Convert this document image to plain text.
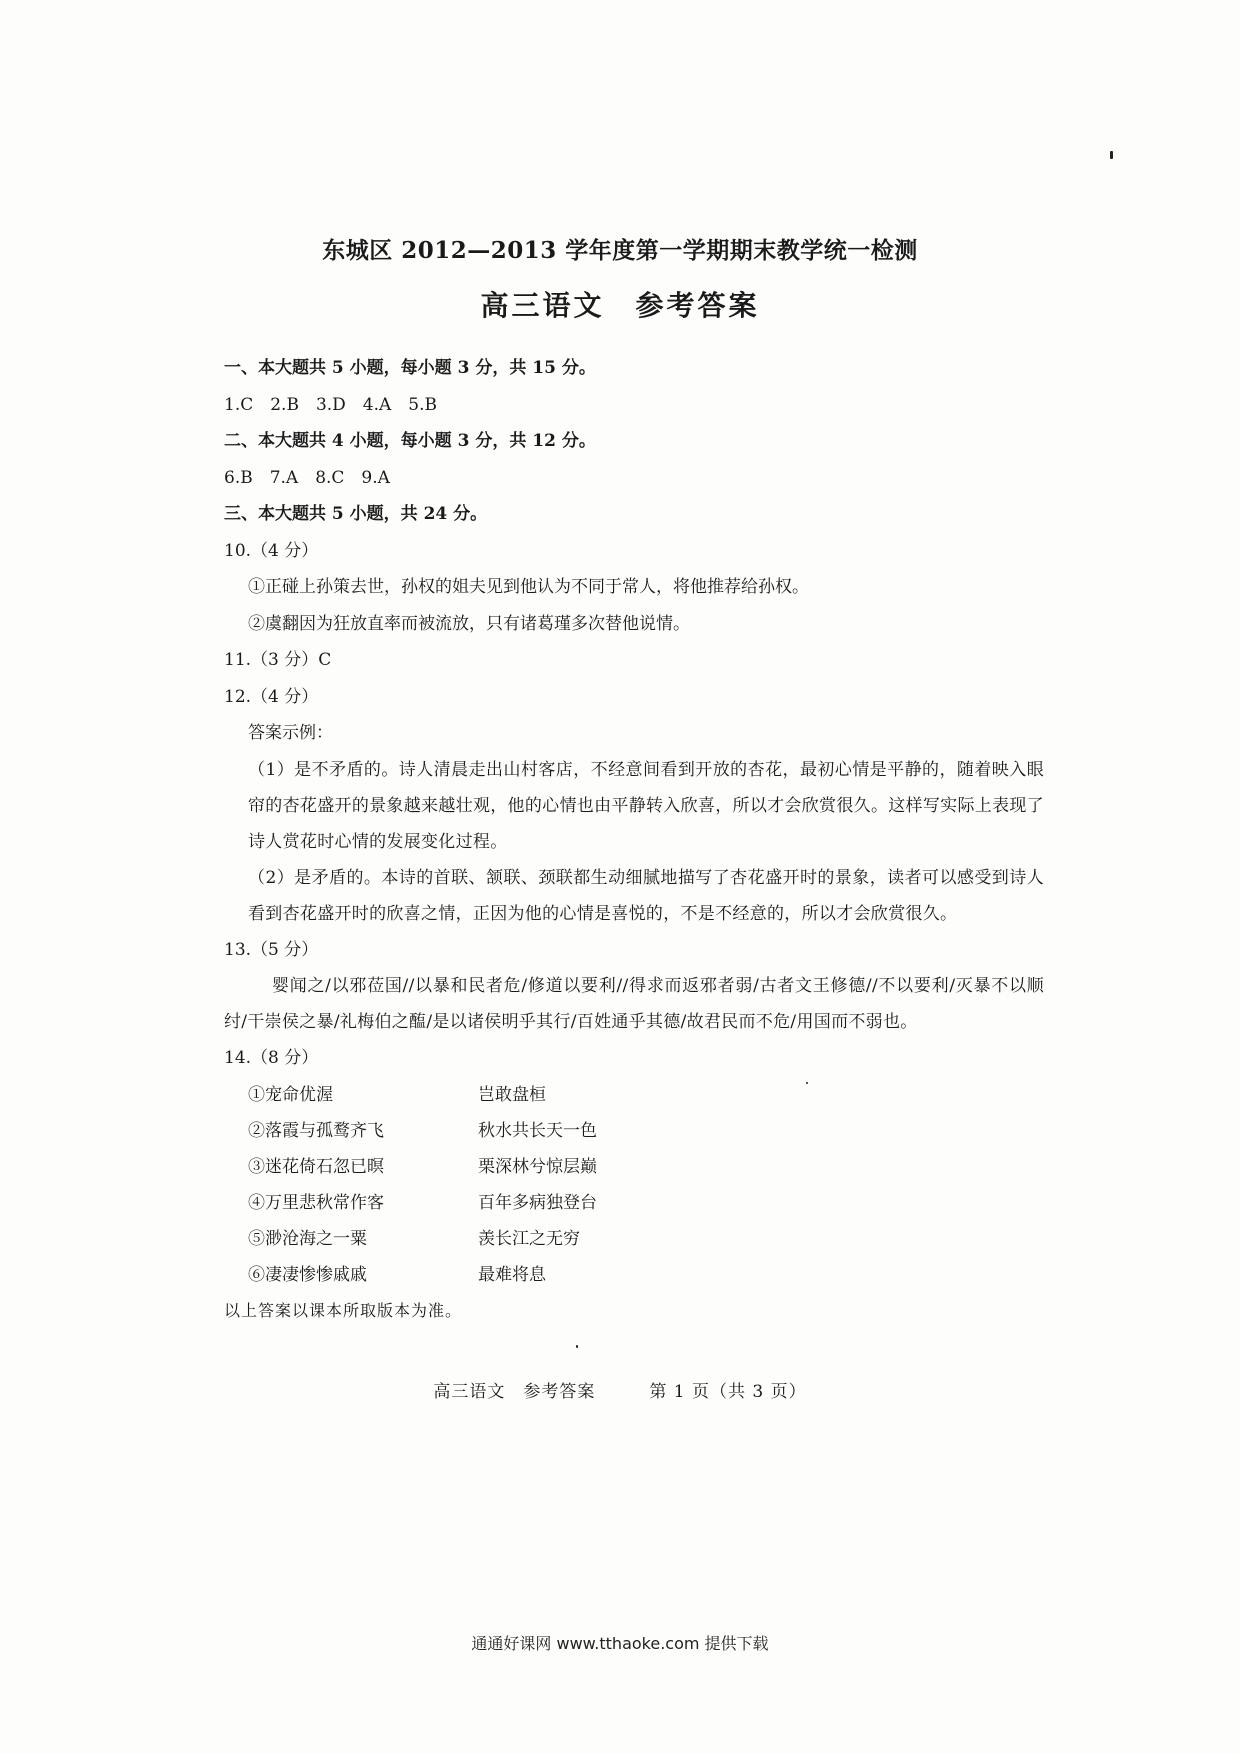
东城区 2012—2013 学年度第一学期期末教学统一检测
高三语文　参考答案
一、本大题共 5 小题，每小题 3 分，共 15 分。
1.C　2.B　3.D　4.A　5.B
二、本大题共 4 小题，每小题 3 分，共 12 分。
6.B　7.A　8.C　9.A
三、本大题共 5 小题，共 24 分。
10.（4 分）
①正碰上孙策去世，孙权的姐夫见到他认为不同于常人，将他推荐给孙权。
②虞翻因为狂放直率而被流放，只有诸葛瑾多次替他说情。
11.（3 分）C
12.（4 分）
答案示例：
（1）是不矛盾的。诗人清晨走出山村客店，不经意间看到开放的杏花，最初心情是平静的，随着映入眼帘的杏花盛开的景象越来越壮观，他的心情也由平静转入欣喜，所以才会欣赏很久。这样写实际上表现了诗人赏花时心情的发展变化过程。
（2）是矛盾的。本诗的首联、颔联、颈联都生动细腻地描写了杏花盛开时的景象，读者可以感受到诗人看到杏花盛开时的欣喜之情，正因为他的心情是喜悦的，不是不经意的，所以才会欣赏很久。
13.（5 分）
婴闻之/以邪莅国//以暴和民者危/修道以要利//得求而返邪者弱/古者文王修德//不以要利/灭暴不以顺纣/干崇侯之暴/礼梅伯之醢/是以诸侯明乎其行/百姓通乎其德/故君民而不危/用国而不弱也。
14.（8 分）
①宠命优渥	岂敢盘桓
②落霞与孤鹜齐飞	秋水共长天一色
③迷花倚石忽已暝	栗深林兮惊层巅
④万里悲秋常作客	百年多病独登台
⑤渺沧海之一粟	羡长江之无穷
⑥凄凄惨惨戚戚	最难将息
以上答案以课本所取版本为准。
高三语文　参考答案　　　第 1 页（共 3 页）
通通好课网 www.tthaoke.com 提供下载
